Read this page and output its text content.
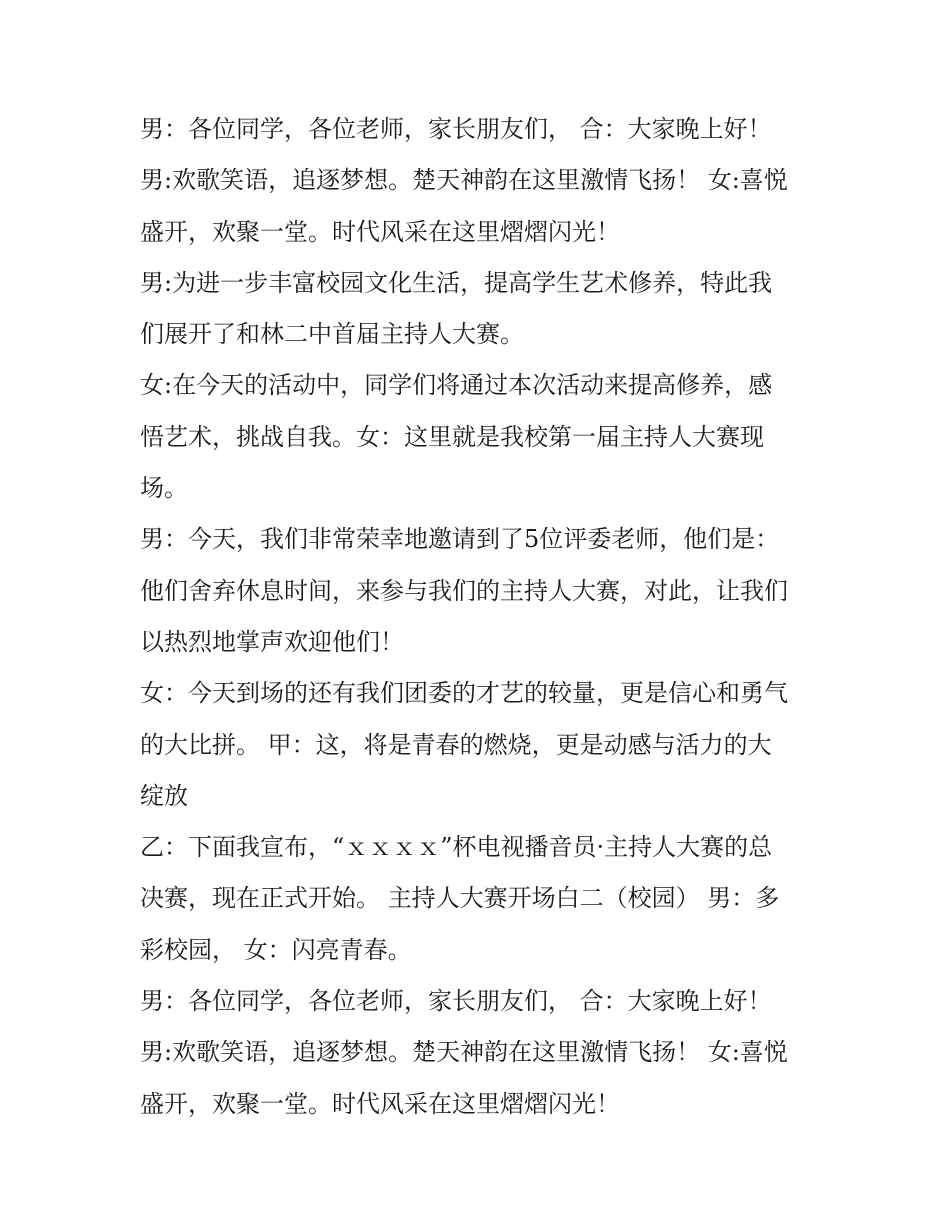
男：各位同学，各位老师，家长朋友们， 合：大家晚上好！

男:欢歌笑语，追逐梦想。楚天神韵在这里激情飞扬！ 女:喜悦

盛开，欢聚一堂。时代风采在这里熠熠闪光！

男:为进一步丰富校园文化生活，提高学生艺术修养，特此我

们展开了和林二中首届主持人大赛。

女:在今天的活动中，同学们将通过本次活动来提高修养，感

悟艺术，挑战自我。女：这里就是我校第一届主持人大赛现

场。

男：今天，我们非常荣幸地邀请到了5位评委老师，他们是：

他们舍弃休息时间，来参与我们的主持人大赛，对此，让我们

以热烈地掌声欢迎他们！

女：今天到场的还有我们团委的才艺的较量，更是信心和勇气

的大比拼。 甲：这，将是青春的燃烧，更是动感与活力的大

绽放

乙：下面我宣布，“ｘｘｘｘ”杯电视播音员·主持人大赛的总

决赛，现在正式开始。 主持人大赛开场白二（校园） 男：多

彩校园， 女：闪亮青春。

男：各位同学，各位老师，家长朋友们， 合：大家晚上好！

男:欢歌笑语，追逐梦想。楚天神韵在这里激情飞扬！ 女:喜悦

盛开，欢聚一堂。时代风采在这里熠熠闪光！
